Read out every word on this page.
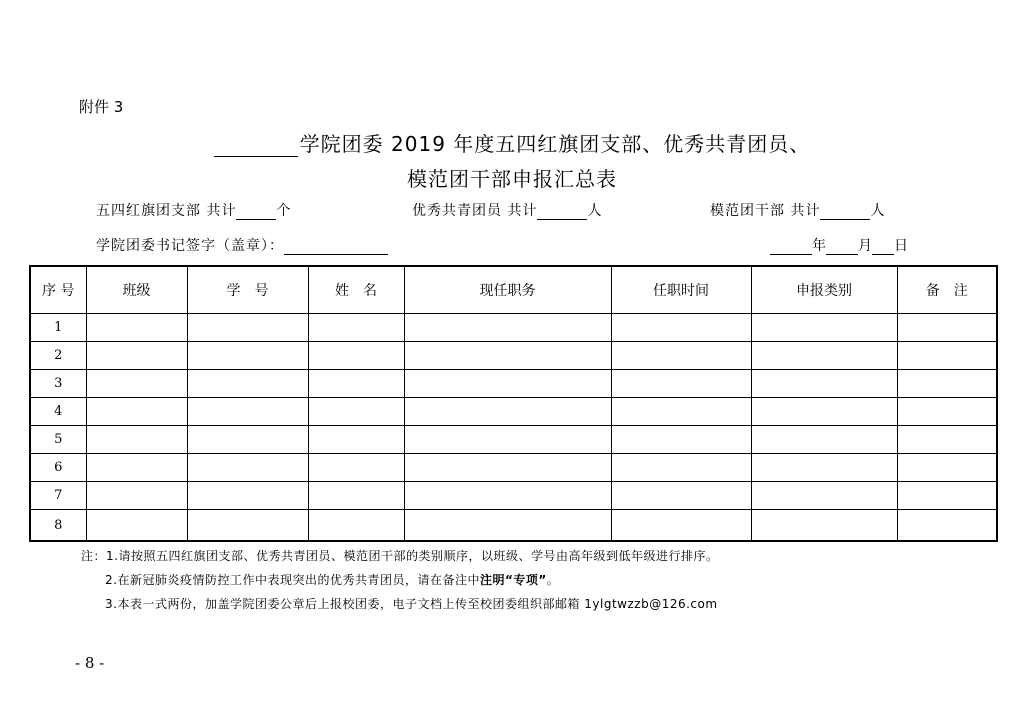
附件 3
学院团委 2019 年度五四红旗团支部、优秀共青团员、
模范团干部申报汇总表
五四红旗团支部 共计	个	优秀共青团员 共计	人	模范团干部 共计	人
学院团委书记签字（盖章）：	年 月 日
序 号	班级	学　号	姓　名	现任职务	任职时间	申报类别	备　注
1							
2							
3							
4							
5							
6							
7							
8							
注：1.请按照五四红旗团支部、优秀共青团员、模范团干部的类别顺序，以班级、学号由高年级到低年级进行排序。
2.在新冠肺炎疫情防控工作中表现突出的优秀共青团员，请在备注中注明“专项”。
3.本表一式两份，加盖学院团委公章后上报校团委，电子文档上传至校团委组织部邮箱 1ylgtwzzb@126.com
- 8 -
